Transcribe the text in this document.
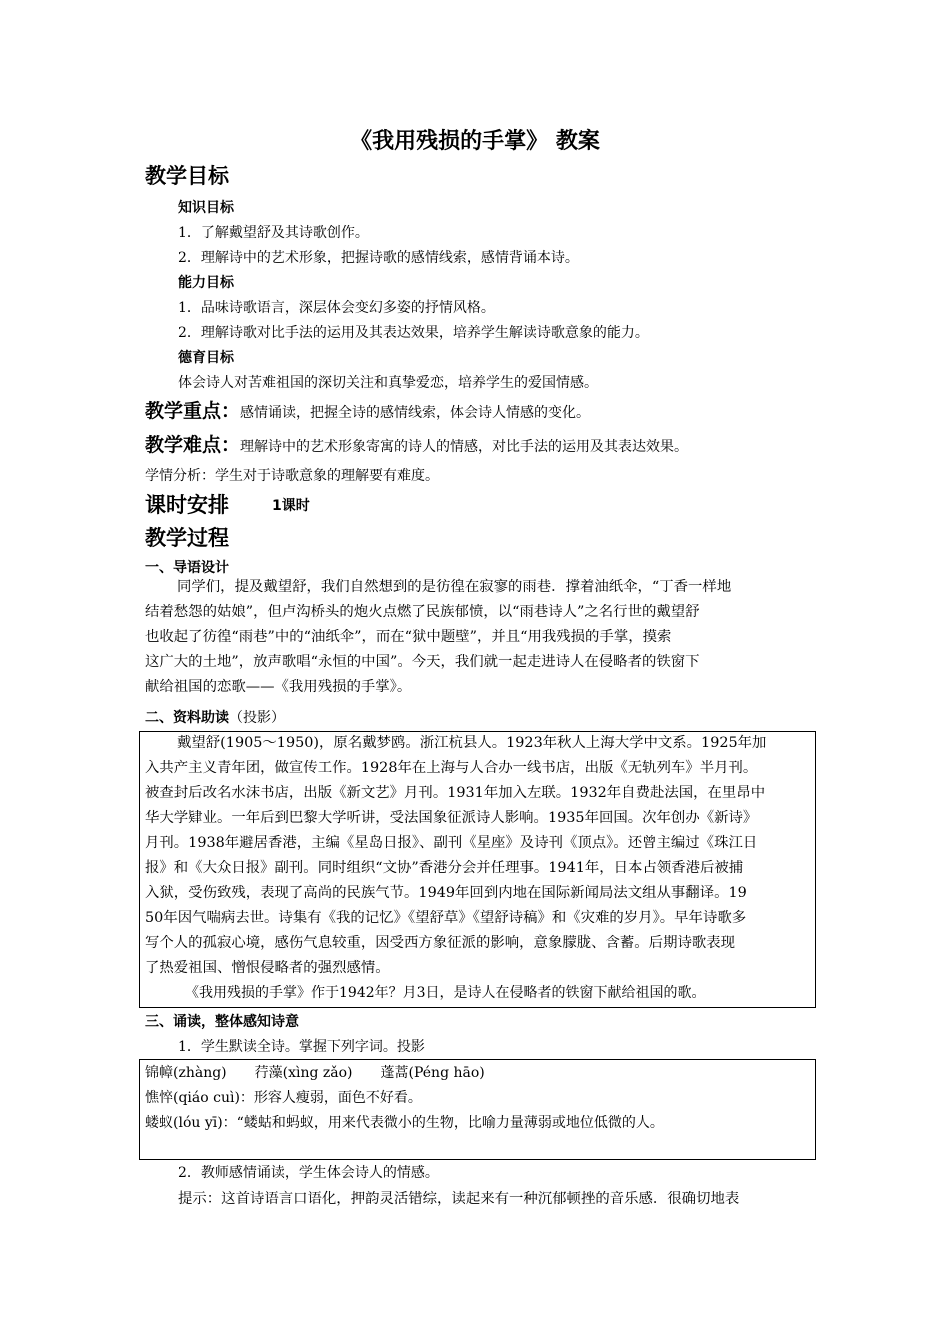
《我用残损的手掌》 教案
教学目标
知识目标
1．了解戴望舒及其诗歌创作。
2．理解诗中的艺术形象，把握诗歌的感情线索，感情背诵本诗。
能力目标
1．品味诗歌语言，深层体会变幻多姿的抒情风格。
2．理解诗歌对比手法的运用及其表达效果，培养学生解读诗歌意象的能力。
德育目标
体会诗人对苦难祖国的深切关注和真挚爱恋，培养学生的爱国情感。
教学重点：感情诵读，把握全诗的感情线索，体会诗人情感的变化。
教学难点：理解诗中的艺术形象寄寓的诗人的情感，对比手法的运用及其表达效果。
学情分析：学生对于诗歌意象的理解要有难度。
课时安排	1课时
教学过程
一、导语设计
同学们，提及戴望舒，我们自然想到的是彷徨在寂寥的雨巷．撑着油纸伞，“丁香一样地
结着愁怨的姑娘”，但卢沟桥头的炮火点燃了民族郁愤，以“雨巷诗人”之名行世的戴望舒
也收起了彷徨“雨巷”中的“油纸伞”，而在“狱中题壁”，并且“用我残损的手掌，摸索
这广大的土地”，放声歌唱“永恒的中国”。今天，我们就一起走进诗人在侵略者的铁窗下
献给祖国的恋歌——《我用残损的手掌》。
二、资料助读（投影）
戴望舒(1905～1950)，原名戴梦鸥。浙江杭县人。1923年秋人上海大学中文系。1925年加
入共产主义青年团，做宣传工作。1928年在上海与人合办一线书店，出版《无轨列车》半月刊。
被查封后改名水沫书店，出版《新文艺》月刊。1931年加入左联。1932年自费赴法国，在里昂中
华大学肄业。一年后到巴黎大学听讲，受法国象征派诗人影响。1935年回国。次年创办《新诗》
月刊。1938年避居香港，主编《星岛日报》、副刊《星座》及诗刊《顶点》。还曾主编过《珠江日
报》和《大众日报》副刊。同时组织“文协”香港分会并任理事。1941年，日本占领香港后被捕
入狱，受伤致残，表现了高尚的民族气节。1949年回到内地在国际新闻局法文组从事翻译。19
50年因气喘病去世。诗集有《我的记忆》《望舒草》《望舒诗稿》和《灾难的岁月》。早年诗歌多
写个人的孤寂心境，感伤气息较重，因受西方象征派的影响，意象朦胧、含蓄。后期诗歌表现
了热爱祖国、憎恨侵略者的强烈感情。
《我用残损的手掌》作于1942年？月3日，是诗人在侵略者的铁窗下献给祖国的歌。
三、诵读，整体感知诗意
1．学生默读全诗。掌握下列字词。投影
锦幛(zhàng)　　荇藻(xìng zǎo)　　蓬蒿(Péng hāo)
憔悴(qiáo cuì)：形容人瘦弱，面色不好看。
蝼蚁(lóu yī)：“蝼蛄和蚂蚁，用来代表微小的生物，比喻力量薄弱或地位低微的人。
2．教师感情诵读，学生体会诗人的情感。
提示：这首诗语言口语化，押韵灵活错综，读起来有一种沉郁顿挫的音乐感．很确切地表
